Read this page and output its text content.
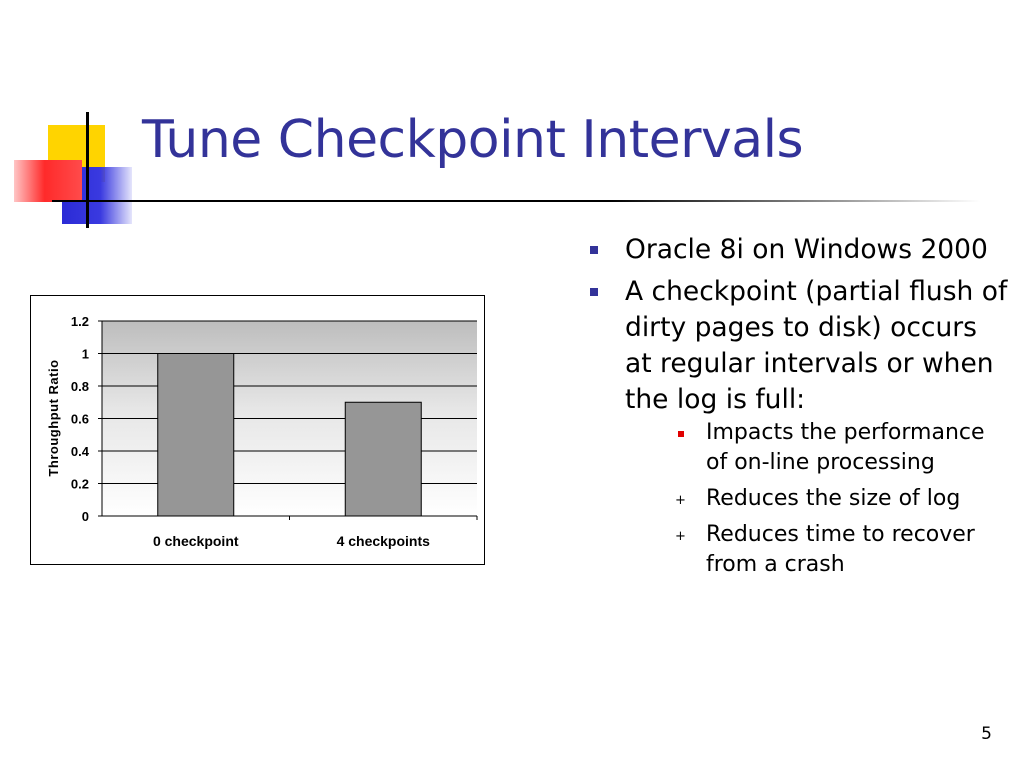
Tune Checkpoint Intervals
0
0.2
0.4
0.6
0.8
1
1.2
0 checkpoint	4 checkpoints
Throughput Ratio
Oracle 8i on Windows 2000
A checkpoint (partial flush of dirty pages to disk) occurs at regular intervals or when the log is full:
Impacts the performance of on-line processing
+ Reduces the size of log
+ Reduces time to recover from a crash
5
